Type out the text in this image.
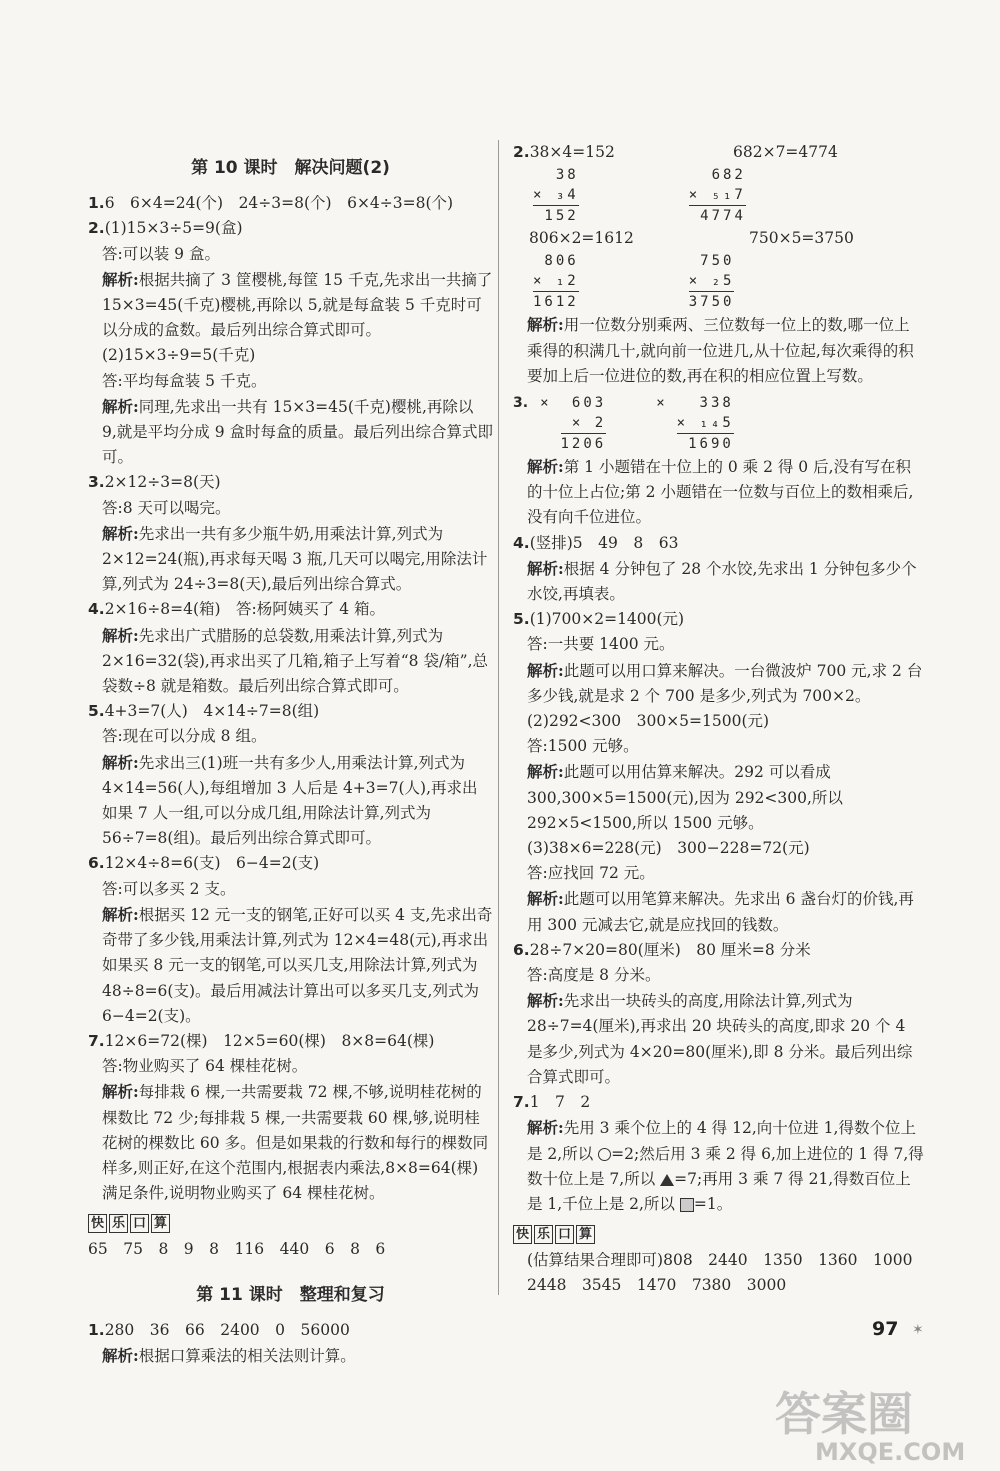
第 10 课时　解决问题(2)
1.6　6×4=24(个)　24÷3=8(个)　6×4÷3=8(个)
2.(1)15×3÷5=9(盒)
答:可以装 9 盒。
解析:根据共摘了 3 筐樱桃,每筐 15 千克,先求出一共摘了 15×3=45(千克)樱桃,再除以 5,就是每盒装 5 千克时可以分成的盒数。最后列出综合算式即可。
(2)15×3÷9=5(千克)
答:平均每盒装 5 千克。
解析:同理,先求出一共有 15×3=45(千克)樱桃,再除以 9,就是平均分成 9 盒时每盒的质量。最后列出综合算式即可。
3.2×12÷3=8(天)
答:8 天可以喝完。
解析:先求出一共有多少瓶牛奶,用乘法计算,列式为 2×12=24(瓶),再求每天喝 3 瓶,几天可以喝完,用除法计算,列式为 24÷3=8(天),最后列出综合算式。
4.2×16÷8=4(箱)　答:杨阿姨买了 4 箱。
解析:先求出广式腊肠的总袋数,用乘法计算,列式为 2×16=32(袋),再求出买了几箱,箱子上写着“8 袋/箱”,总袋数÷8 就是箱数。最后列出综合算式即可。
5.4+3=7(人)　4×14÷7=8(组)
答:现在可以分成 8 组。
解析:先求出三(1)班一共有多少人,用乘法计算,列式为 4×14=56(人),每组增加 3 人后是 4+3=7(人),再求出如果 7 人一组,可以分成几组,用除法计算,列式为 56÷7=8(组)。最后列出综合算式即可。
6.12×4÷8=6(支)　6−4=2(支)
答:可以多买 2 支。
解析:根据买 12 元一支的钢笔,正好可以买 4 支,先求出奇奇带了多少钱,用乘法计算,列式为 12×4=48(元),再求出如果买 8 元一支的钢笔,可以买几支,用除法计算,列式为 48÷8=6(支)。最后用减法计算出可以多买几支,列式为 6−4=2(支)。
7.12×6=72(棵)　12×5=60(棵)　8×8=64(棵)
答:物业购买了 64 棵桂花树。
解析:每排栽 6 棵,一共需要栽 72 棵,不够,说明桂花树的棵数比 72 少;每排栽 5 棵,一共需要栽 60 棵,够,说明桂花树的棵数比 60 多。但是如果栽的行数和每行的棵数同样多,则正好,在这个范围内,根据表内乘法,8×8=64(棵)满足条件,说明物业购买了 64 棵桂花树。
快 乐 口 算
65　75　8　9　8　116　440　6　8　6
第 11 课时　整理和复习
1.280　36　66　2400　0　56000
解析:根据口算乘法的相关法则计算。
2.38×4=152	682×7=4774
38
× ₃4
152
682
× ₅₁7
4774
806×2=1612	750×5=3750
806
× ₁2
1612
750
× ₂5
3750
解析:用一位数分别乘两、三位数每一位上的数,哪一位上乘得的积满几十,就向前一位进几,从十位起,每次乘得的积要加上后一位进位的数,再在积的相应位置上写数。
3. ×	603
× 2
1206
×	338
× ₁₄5
1690
解析:第 1 小题错在十位上的 0 乘 2 得 0 后,没有写在积的十位上占位;第 2 小题错在一位数与百位上的数相乘后,没有向千位进位。
4.(竖排)5　49　8　63
解析:根据 4 分钟包了 28 个水饺,先求出 1 分钟包多少个水饺,再填表。
5.(1)700×2=1400(元)
答:一共要 1400 元。
解析:此题可以用口算来解决。一台微波炉 700 元,求 2 台多少钱,就是求 2 个 700 是多少,列式为 700×2。
(2)292<300　300×5=1500(元)
答:1500 元够。
解析:此题可以用估算来解决。292 可以看成300,300×5=1500(元),因为 292<300,所以 292×5<1500,所以 1500 元够。
(3)38×6=228(元)　300−228=72(元)
答:应找回 72 元。
解析:此题可以用笔算来解决。先求出 6 盏台灯的价钱,再用 300 元减去它,就是应找回的钱数。
6.28÷7×20=80(厘米)　80 厘米=8 分米
答:高度是 8 分米。
解析:先求出一块砖头的高度,用除法计算,列式为 28÷7=4(厘米),再求出 20 块砖头的高度,即求 20 个 4 是多少,列式为 4×20=80(厘米),即 8 分米。最后列出综合算式即可。
7.1　7　2
解析:先用 3 乘个位上的 4 得 12,向十位进 1,得数个位上是 2,所以 =2;然后用 3 乘 2 得 6,加上进位的 1 得 7,得数十位上是 7,所以 =7;再用 3 乘 7 得 21,得数百位上是 1,千位上是 2,所以 =1。
快 乐 口 算
(估算结果合理即可)808　2440　1350　1360　1000　2448　3545　1470　7380　3000
97 ✶
答案圈
MXQE.COM
